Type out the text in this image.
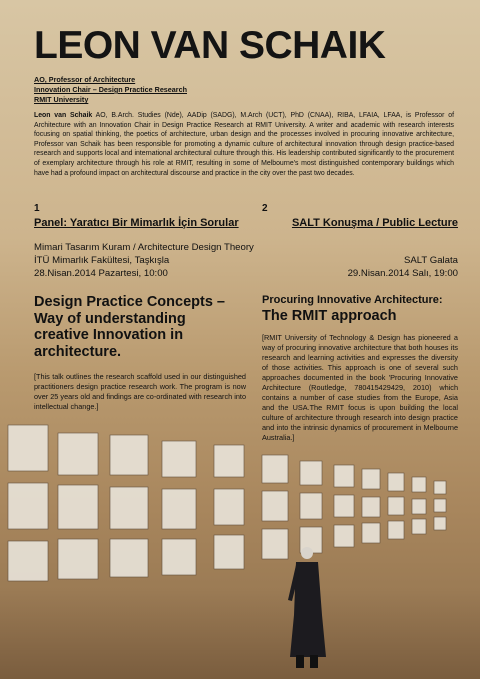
LEON VAN SCHAIK
AO, Professor of Architecture
Innovation Chair – Design Practice Research
RMIT University

Leon van Schaik AO, B.Arch. Studies (Nde), AADip (SADG), M.Arch (UCT), PhD (CNAA), RIBA, LFAIA, LFAA, is Professor of Architecture with an Innovation Chair in Design Practice Research at RMIT University. A writer and academic with research interests focusing on spatial thinking, the poetics of architecture, urban design and the processes involved in procuring innovative architecture, Professor van Schaik has been responsible for promoting a dynamic culture of architectural innovation through design practice-based research and supports local and international architectural culture through this. His leadership contributed significantly to the procurement of exemplary architecture through his role at RMIT, resulting in some of Melbourne's most distinguished contemporary buildings which have had a profound impact on architectural discourse and practice in the city over the past two decades.

1
Panel: Yaratıcı Bir Mimarlık İçin Sorular
Mimari Tasarım Kuram / Architecture Design Theory
İTÜ Mimarlık Fakültesi, Taşkışla
28.Nisan.2014 Pazartesi, 10:00
Design Practice Concepts –
Way of understanding
creative Innovation in architecture.

[This talk outlines the research scaffold used in our distinguished practitioners design practice research work. The program is now over 25 years old and findings are co-ordinated with research into intellectual change.]

2
SALT Konuşma / Public Lecture
SALT Galata
29.Nisan.2014 Salı, 19:00
Procuring Innovative Architecture:
The RMIT approach

[RMIT University of Technology & Design has pioneered a way of procuring innovative architecture that both houses its research and learning activities and expresses the diversity of those activities. This approach is one of several such approaches documented in the book 'Procuring Innovative Architecture (Routledge, 780415429429, 2010) which contains a number of case studies from the Europe, Asia and the USA.The RMIT focus is upon building the local culture of architecture through research into design practice and into the intrinsic dynamics of procurement in Melbourne Australia.]
